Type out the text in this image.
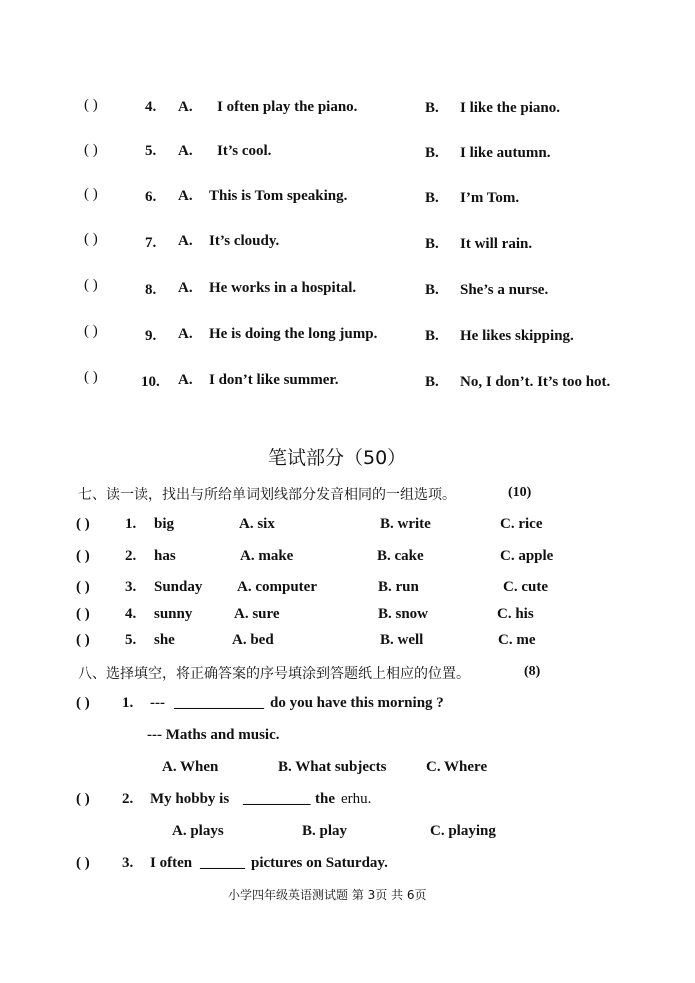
( )	4. A. I often play the piano.	B. I like the piano.
( )	5. A. It’s cool.	B. I like autumn.
( )	6. A. This is Tom speaking.	B. I’m Tom.
( )	7. A. It’s cloudy.	B. It will rain.
( )	8. A. He works in a hospital.	B. She’s a nurse.
( )	9. A. He is doing the long jump.	B. He likes skipping.
( )	10. A. I don’t like summer.	B. No, I don’t. It’s too hot.
笔试部分（50）
七、读一读，找出与所给单词划线部分发音相同的一组选项。	(10)
( ) 1. big	A. six	B. write	C. rice
( ) 2. has	A. make	B. cake	C. apple
( ) 3. Sunday A. computer	B. run	C. cute
( ) 4. sunny	A. sure	B. snow	C. his
( ) 5. she	A. bed	B. well	C. me
八、选择填空，将正确答案的序号填涂到答题纸上相应的位置。	(8)
( ) 1. --- ____________ do you have this morning ?
--- Maths and music.
A. When	B. What subjects	C. Where
( ) 2. My hobby is _________ the erhu.
A. plays	B. play	C. playing
( ) 3. I often ______ pictures on Saturday.
小学四年级英语测试题 第 3页 共 6页
